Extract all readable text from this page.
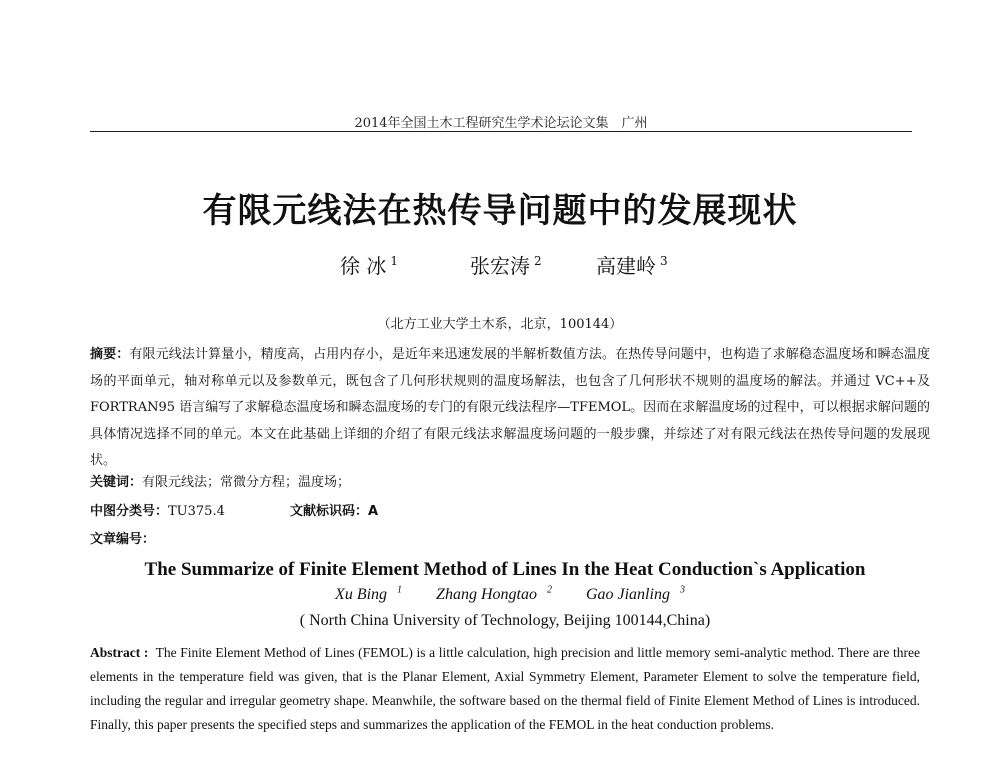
2014年全国土木工程研究生学术论坛论文集　广州
有限元线法在热传导问题中的发展现状
徐 冰 $^1$	张宏涛 $^2$	高建岭 $^3$
（北方工业大学土木系，北京，100144）
摘要：有限元线法计算量小，精度高，占用内存小，是近年来迅速发展的半解析数值方法。在热传导问题中，也构造了求解稳态温度场和瞬态温度场的平面单元，轴对称单元以及参数单元，既包含了几何形状规则的温度场解法，也包含了几何形状不规则的温度场的解法。并通过 VC++及 FORTRAN95 语言编写了求解稳态温度场和瞬态温度场的专门的有限元线法程序—TFEMOL。因而在求解温度场的过程中，可以根据求解问题的具体情况选择不同的单元。本文在此基础上详细的介绍了有限元线法求解温度场问题的一般步骤，并综述了对有限元线法在热传导问题的发展现状。
关键词：有限元线法；常微分方程；温度场；
中图分类号：TU375.4	文献标识码：A
文章编号：
The Summarize of Finite Element Method of Lines In the Heat Conduction`s Application
Xu Bing $^1$ Zhang Hongtao $^2$ Gao Jianling $^3$
( North China University of Technology, Beijing 100144,China)
Abstract : The Finite Element Method of Lines (FEMOL) is a little calculation, high precision and little memory semi-analytic method. There are three elements in the temperature field was given, that is the Planar Element, Axial Symmetry Element, Parameter Element to solve the temperature field, including the regular and irregular geometry shape. Meanwhile, the software based on the thermal field of Finite Element Method of Lines is introduced. Finally, this paper presents the specified steps and summarizes the application of the FEMOL in the heat conduction problems.
